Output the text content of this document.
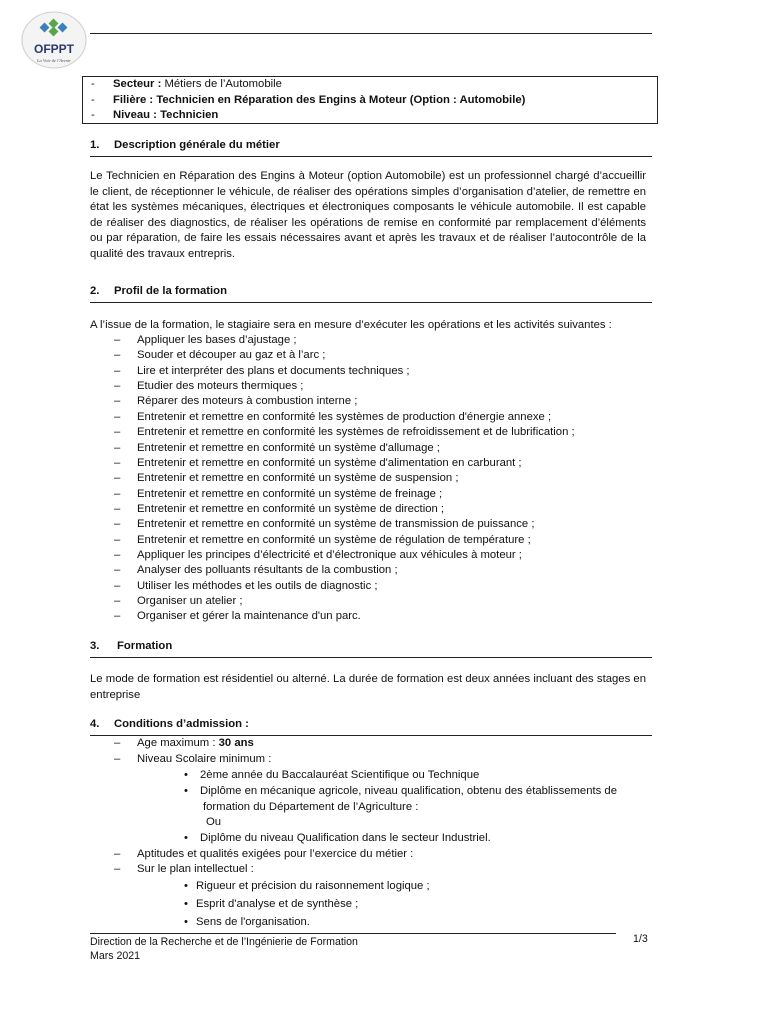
OFPPT
La Voie de l'Avenir
- Secteur : Métiers de l’Automobile
- Filière : Technicien en Réparation des Engins à Moteur (Option : Automobile)
- Niveau : Technicien
1. Description générale du métier
Le Technicien en Réparation des Engins à Moteur (option Automobile) est un professionnel chargé d’accueillir le client, de réceptionner le véhicule, de réaliser des opérations simples d’organisation d’atelier, de remettre en état les systèmes mécaniques, électriques et électroniques composants le véhicule automobile. Il est capable de réaliser des diagnostics, de réaliser les opérations de remise en conformité par remplacement d’éléments ou par réparation, de faire les essais nécessaires avant et après les travaux et de réaliser l’autocontrôle de la qualité des travaux entrepris.
2. Profil de la formation
A l’issue de la formation, le stagiaire sera en mesure d’exécuter les opérations et les activités suivantes :
– Appliquer les bases d’ajustage ;
– Souder et découper au gaz et à l’arc ;
– Lire et interpréter des plans et documents techniques ;
– Etudier des moteurs thermiques ;
– Réparer des moteurs à combustion interne ;
– Entretenir et remettre en conformité les systèmes de production d'énergie annexe ;
– Entretenir et remettre en conformité les systèmes de refroidissement et de lubrification ;
– Entretenir et remettre en conformité un système d'allumage ;
– Entretenir et remettre en conformité un système d'alimentation en carburant ;
– Entretenir et remettre en conformité un système de suspension ;
– Entretenir et remettre en conformité un système de freinage ;
– Entretenir et remettre en conformité un système de direction ;
– Entretenir et remettre en conformité un système de transmission de puissance ;
– Entretenir et remettre en conformité un système de régulation de température ;
– Appliquer les principes d’électricité et d’électronique aux véhicules à moteur ;
– Analyser des polluants résultants de la combustion ;
– Utiliser les méthodes et les outils de diagnostic ;
– Organiser un atelier ;
– Organiser et gérer la maintenance d'un parc.
3. Formation
Le mode de formation est résidentiel ou alterné. La durée de formation est deux années incluant des stages en entreprise
4. Conditions d’admission :
– Age maximum : 30 ans
– Niveau Scolaire minimum :
• 2ème année du Baccalauréat Scientifique ou Technique
• Diplôme en mécanique agricole, niveau qualification, obtenu des établissements de
formation du Département de l’Agriculture :
Ou
• Diplôme du niveau Qualification dans le secteur Industriel.
– Aptitudes et qualités exigées pour l’exercice du métier :
– Sur le plan intellectuel :
• Rigueur et précision du raisonnement logique ;
• Esprit d'analyse et de synthèse ;
• Sens de l'organisation.
Direction de la Recherche et de l’Ingénierie de Formation
Mars 2021
1/3
